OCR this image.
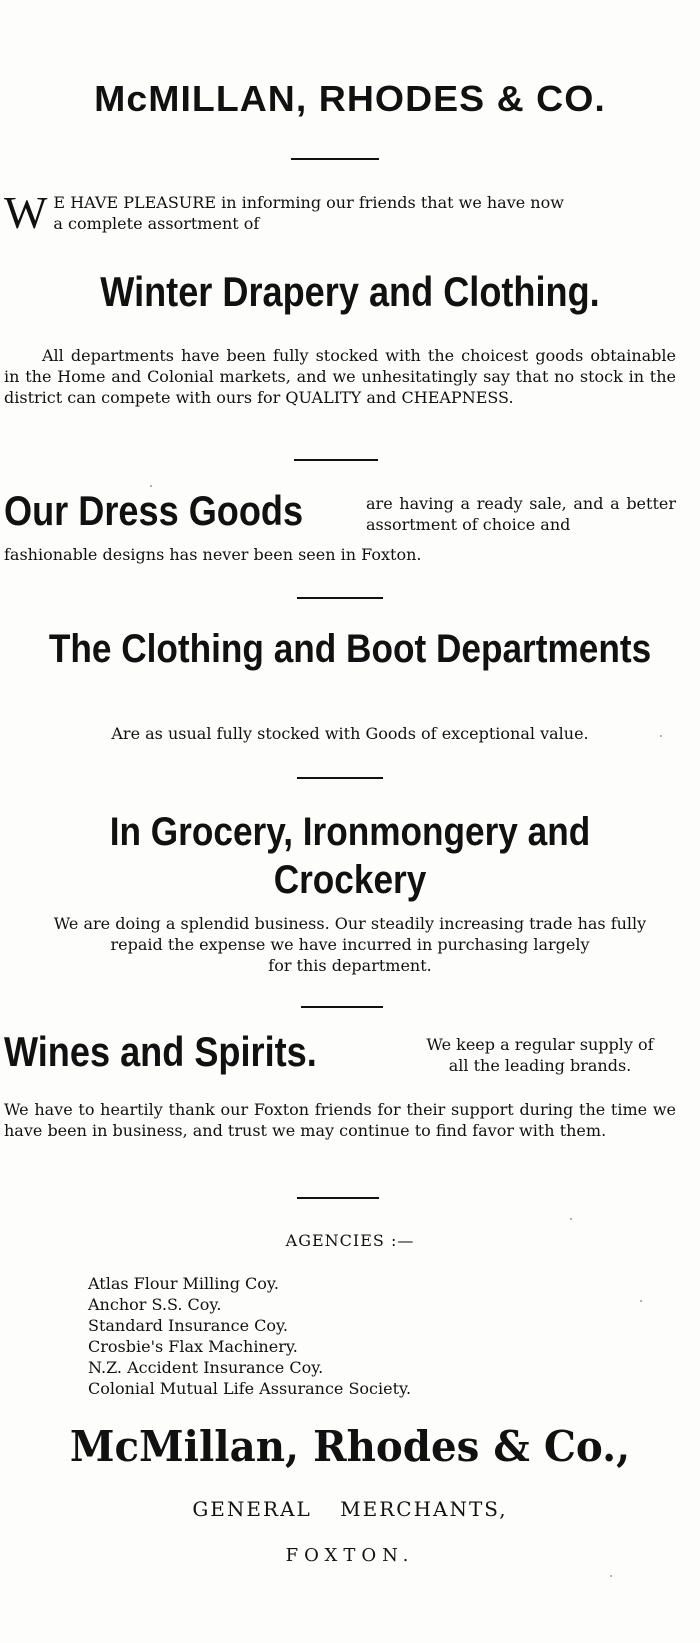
McMILLAN, RHODES & CO.
W E HAVE PLEASURE in informing our friends that we have now
a complete assortment of
Winter Drapery and Clothing.
All departments have been fully stocked with the choicest goods obtainable in the Home and Colonial markets, and we unhesitatingly say that no stock in the district can compete with ours for QUALITY and CHEAPNESS.
Our Dress Goods	are having a ready sale, and a better assortment of choice and
fashionable designs has never been seen in Foxton.
The Clothing and Boot Departments
Are as usual fully stocked with Goods of exceptional value.
In Grocery, Ironmongery and Crockery
We are doing a splendid business. Our steadily increasing trade has fully
repaid the expense we have incurred in purchasing largely
for this department.
Wines and Spirits.	We keep a regular supply of
all the leading brands.
We have to heartily thank our Foxton friends for their support during the time we have been in business, and trust we may continue to find favor with them.
AGENCIES :—
Atlas Flour Milling Coy.
Anchor S.S. Coy.
Standard Insurance Coy.
Crosbie's Flax Machinery.
N.Z. Accident Insurance Coy.
Colonial Mutual Life Assurance Society.
McMillan, Rhodes & Co.,
GENERAL MERCHANTS,
FOXTON.
